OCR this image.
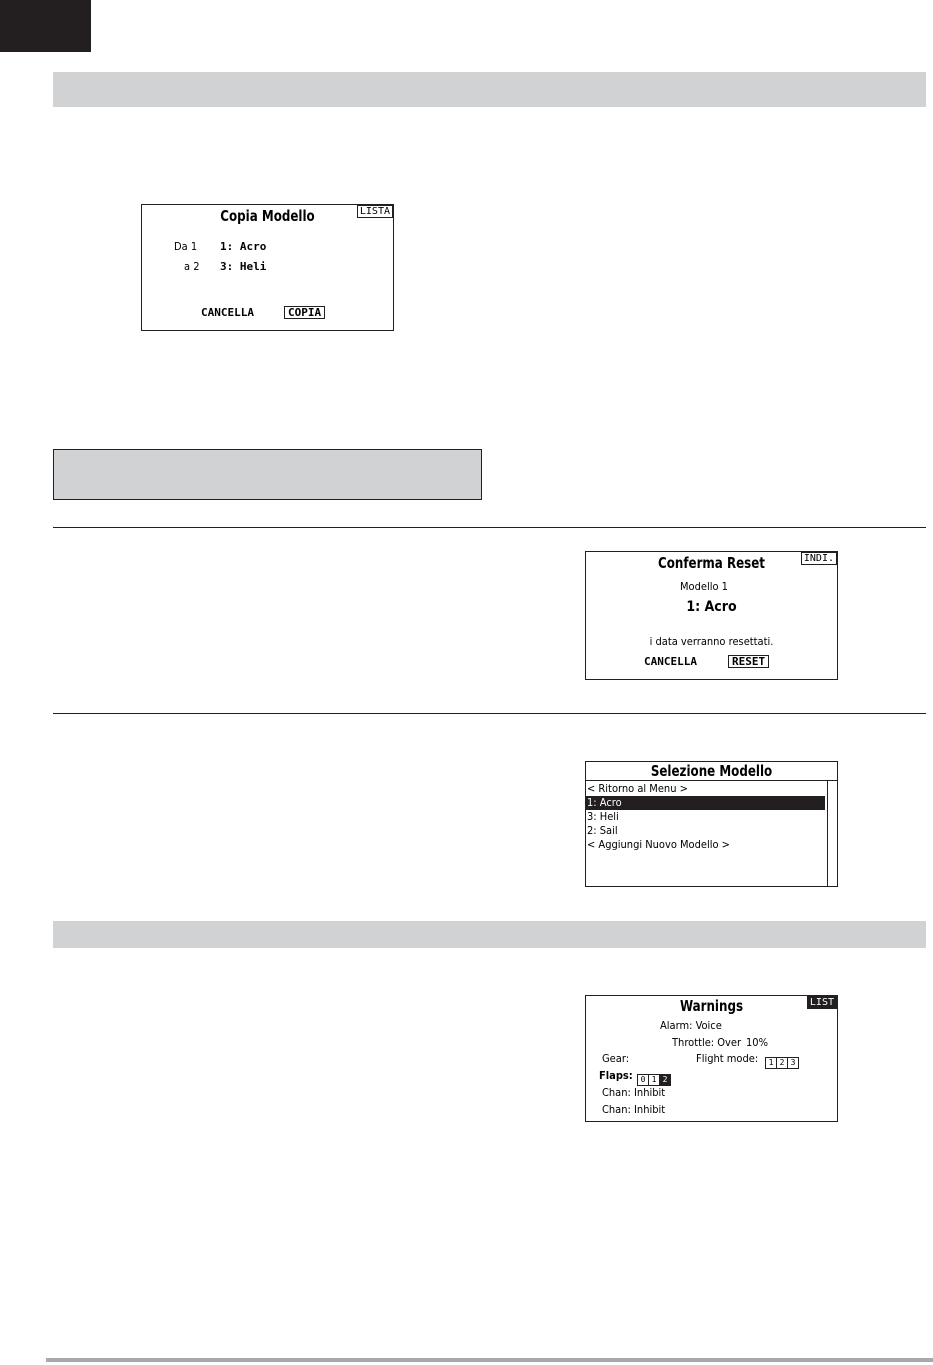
LISTA
Copia Modello
Da 1 1: Acro
a 2 3: Heli
CANCELLA	COPIA
INDI.
Conferma Reset
Modello 1
1: Acro
i data verranno resettati.
CANCELLA	RESET
Selezione Modello
< Ritorno al Menu >
1: Acro
3: Heli
2: Sail
< Aggiungi Nuovo Modello >
LIST
Warnings
Alarm: Voice
Throttle: Over 10%
Gear:	Flight mode:	1 2 3
Flaps: 0 1 2
Chan: Inhibit
Chan: Inhibit
